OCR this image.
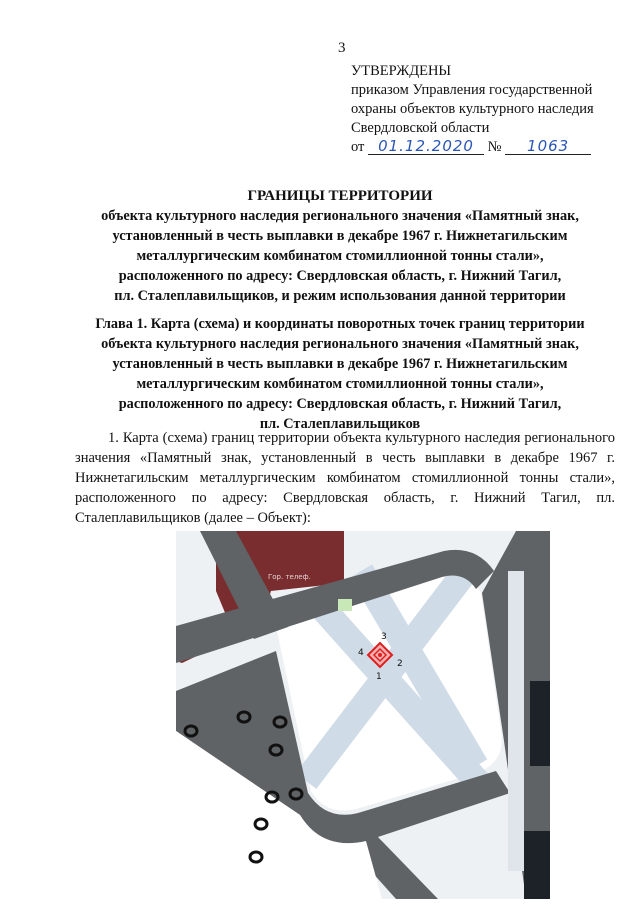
3
УТВЕРЖДЕНЫ
приказом Управления государственной
охраны объектов культурного наследия
Свердловской области
от 01.12.2020 № 1063
ГРАНИЦЫ ТЕРРИТОРИИ
объекта культурного наследия регионального значения «Памятный знак,
установленный в честь выплавки в декабре 1967 г. Нижнетагильским
металлургическим комбинатом стомиллионной тонны стали»,
расположенного по адресу: Свердловская область, г. Нижний Тагил,
пл. Сталеплавильщиков, и режим использования данной территории
Глава 1. Карта (схема) и координаты поворотных точек границ территории
объекта культурного наследия регионального значения «Памятный знак,
установленный в честь выплавки в декабре 1967 г. Нижнетагильским
металлургическим комбинатом стомиллионной тонны стали»,
расположенного по адресу: Свердловская область, г. Нижний Тагил,
пл. Сталеплавильщиков
1. Карта (схема) границ территории объекта культурного наследия регионального значения «Памятный знак, установленный в честь выплавки в декабре 1967 г. Нижнетагильским металлургическим комбинатом стомиллионной тонны стали», расположенного по адресу: Свердловская область, г. Нижний Тагил, пл. Сталеплавильщиков (далее – Объект):
Гор. телеф.
1
2
3
4
